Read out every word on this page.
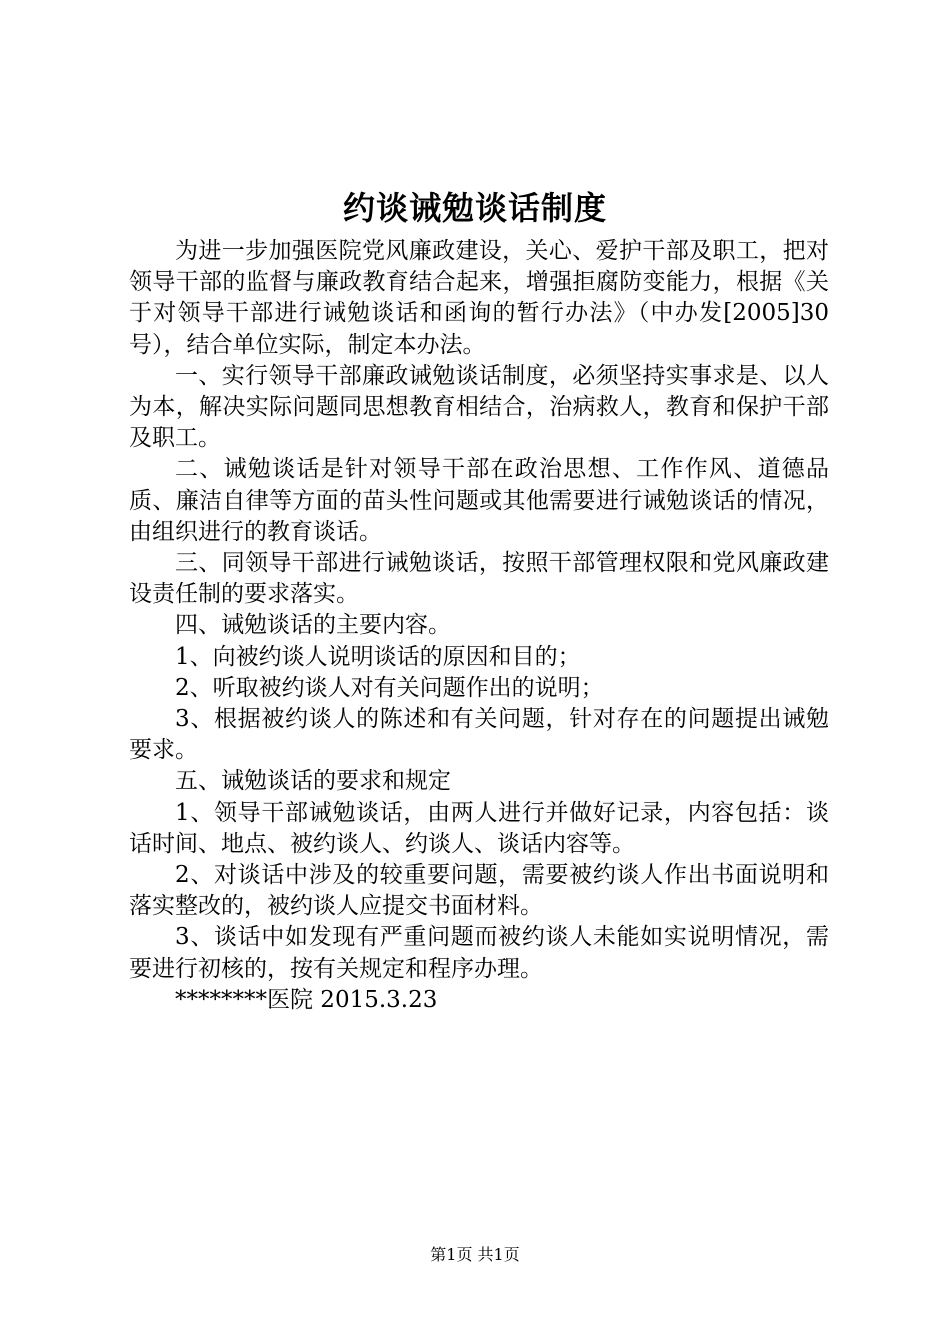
约谈诫勉谈话制度

为进一步加强医院党风廉政建设，关心、爱护干部及职工，把对领导干部的监督与廉政教育结合起来，增强拒腐防变能力，根据《关于对领导干部进行诫勉谈话和函询的暂行办法》（中办发[2005]30号），结合单位实际，制定本办法。

一、实行领导干部廉政诫勉谈话制度，必须坚持实事求是、以人为本，解决实际问题同思想教育相结合，治病救人，教育和保护干部及职工。

二、诫勉谈话是针对领导干部在政治思想、工作作风、道德品质、廉洁自律等方面的苗头性问题或其他需要进行诫勉谈话的情况，由组织进行的教育谈话。

三、同领导干部进行诫勉谈话，按照干部管理权限和党风廉政建设责任制的要求落实。

四、诫勉谈话的主要内容。

1、向被约谈人说明谈话的原因和目的；

2、听取被约谈人对有关问题作出的说明；

3、根据被约谈人的陈述和有关问题，针对存在的问题提出诫勉要求。

五、诫勉谈话的要求和规定

1、领导干部诫勉谈话，由两人进行并做好记录，内容包括：谈话时间、地点、被约谈人、约谈人、谈话内容等。

2、对谈话中涉及的较重要问题，需要被约谈人作出书面说明和落实整改的，被约谈人应提交书面材料。

3、谈话中如发现有严重问题而被约谈人未能如实说明情况，需要进行初核的，按有关规定和程序办理。

********医院 2015.3.23

第1页 共1页
